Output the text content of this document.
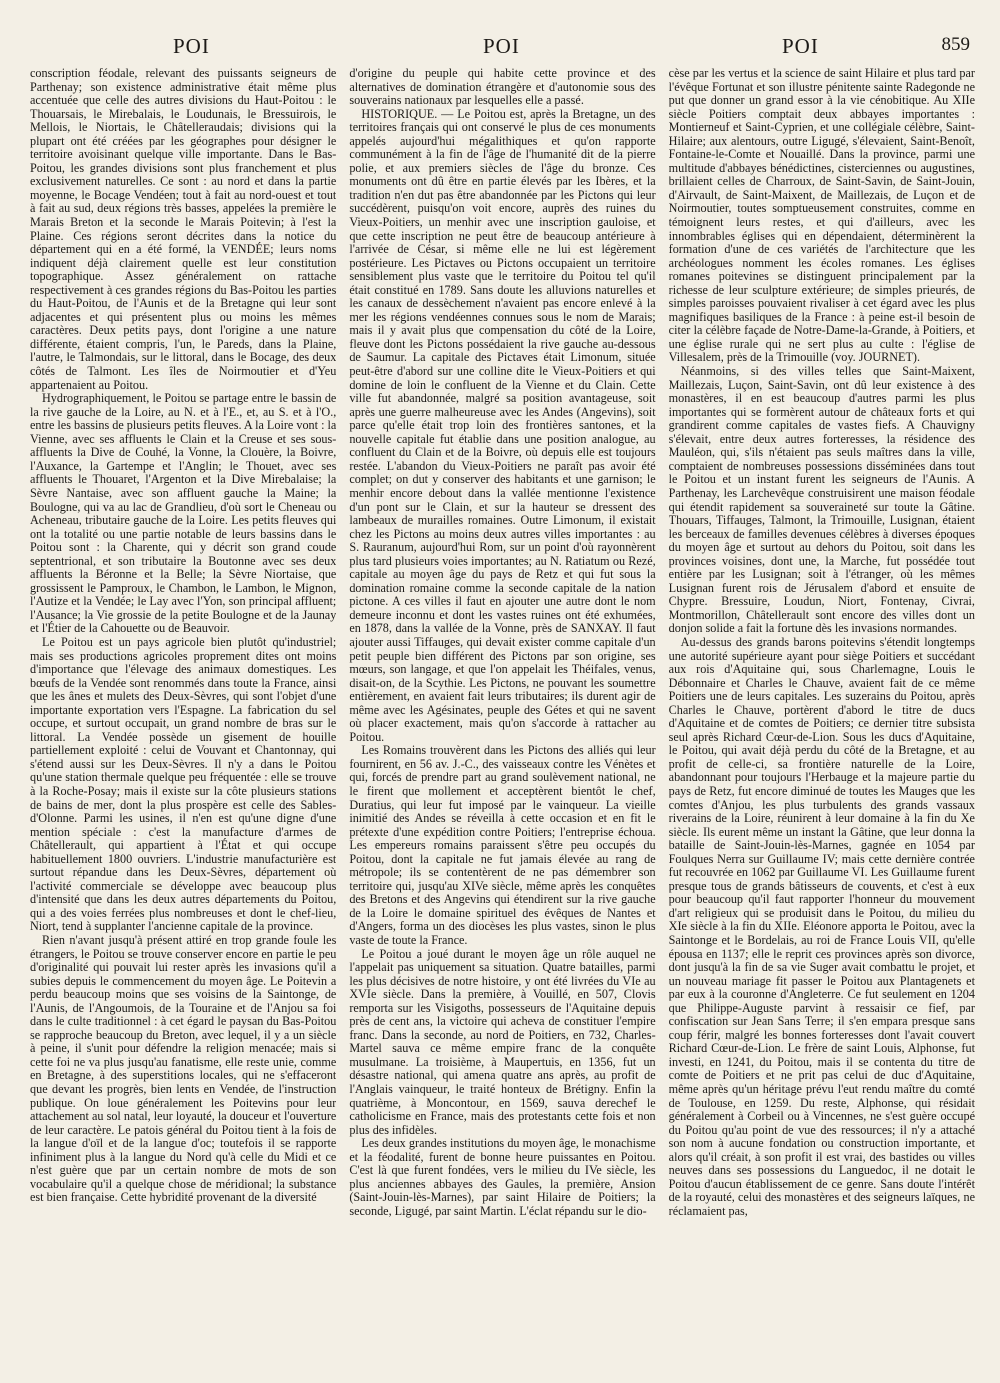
POI	POI	POI	859

conscription féodale, relevant des puissants seigneurs de Parthenay; son existence administrative était même plus accentuée que celle des autres divisions du Haut-Poitou : le Thouarsais, le Mirebalais, le Loudunais, le Bressuirois, le Mellois, le Niortais, le Châtelleraudais; divisions qui la plupart ont été créées par les géographes pour désigner le territoire avoisinant quelque ville importante. Dans le Bas-Poitou, les grandes divisions sont plus franchement et plus exclusivement naturelles. Ce sont : au nord et dans la partie moyenne, le Bocage Vendéen; tout à fait au nord-ouest et tout à fait au sud, deux régions très basses, appelées la première le Marais Breton et la seconde le Marais Poitevin; à l'est la Plaine. Ces régions seront décrites dans la notice du département qui en a été formé, la VENDÉE; leurs noms indiquent déjà clairement quelle est leur constitution topographique. Assez généralement on rattache respectivement à ces grandes régions du Bas-Poitou les parties du Haut-Poitou, de l'Aunis et de la Bretagne qui leur sont adjacentes et qui présentent plus ou moins les mêmes caractères. Deux petits pays, dont l'origine a une nature différente, étaient compris, l'un, le Pareds, dans la Plaine, l'autre, le Talmondais, sur le littoral, dans le Bocage, des deux côtés de Talmont. Les îles de Noirmoutier et d'Yeu appartenaient au Poitou.

Hydrographiquement, le Poitou se partage entre le bassin de la rive gauche de la Loire, au N. et à l'E., et, au S. et à l'O., entre les bassins de plusieurs petits fleuves. A la Loire vont : la Vienne, avec ses affluents le Clain et la Creuse et ses sous-affluents la Dive de Couhé, la Vonne, la Clouère, la Boivre, l'Auxance, la Gartempe et l'Anglin; le Thouet, avec ses affluents le Thouaret, l'Argenton et la Dive Mirebalaise; la Sèvre Nantaise, avec son affluent gauche la Maine; la Boulogne, qui va au lac de Grandlieu, d'où sort le Cheneau ou Acheneau, tributaire gauche de la Loire. Les petits fleuves qui ont la totalité ou une partie notable de leurs bassins dans le Poitou sont : la Charente, qui y décrit son grand coude septentrional, et son tributaire la Boutonne avec ses deux affluents la Béronne et la Belle; la Sèvre Niortaise, que grossissent le Pamproux, le Chambon, le Lambon, le Mignon, l'Autize et la Vendée; le Lay avec l'Yon, son principal affluent; l'Ausance; la Vie grossie de la petite Boulogne et de la Jaunay et l'Étier de la Cahouette ou de Beauvoir.

Le Poitou est un pays agricole bien plutôt qu'industriel; mais ses productions agricoles proprement dites ont moins d'importance que l'élevage des animaux domestiques. Les bœufs de la Vendée sont renommés dans toute la France, ainsi que les ânes et mulets des Deux-Sèvres, qui sont l'objet d'une importante exportation vers l'Espagne. La fabrication du sel occupe, et surtout occupait, un grand nombre de bras sur le littoral. La Vendée possède un gisement de houille partiellement exploité : celui de Vouvant et Chantonnay, qui s'étend aussi sur les Deux-Sèvres. Il n'y a dans le Poitou qu'une station thermale quelque peu fréquentée : elle se trouve à la Roche-Posay; mais il existe sur la côte plusieurs stations de bains de mer, dont la plus prospère est celle des Sables-d'Olonne. Parmi les usines, il n'en est qu'une digne d'une mention spéciale : c'est la manufacture d'armes de Châtellerault, qui appartient à l'État et qui occupe habituellement 1800 ouvriers. L'industrie manufacturière est surtout répandue dans les Deux-Sèvres, département où l'activité commerciale se développe avec beaucoup plus d'intensité que dans les deux autres départements du Poitou, qui a des voies ferrées plus nombreuses et dont le chef-lieu, Niort, tend à supplanter l'ancienne capitale de la province.

Rien n'avant jusqu'à présent attiré en trop grande foule les étrangers, le Poitou se trouve conserver encore en partie le peu d'originalité qui pouvait lui rester après les invasions qu'il a subies depuis le commencement du moyen âge. Le Poitevin a perdu beaucoup moins que ses voisins de la Saintonge, de l'Aunis, de l'Angoumois, de la Touraine et de l'Anjou sa foi dans le culte traditionnel : à cet égard le paysan du Bas-Poitou se rapproche beaucoup du Breton, avec lequel, il y a un siècle à peine, il s'unit pour défendre la religion menacée; mais si cette foi ne va plus jusqu'au fanatisme, elle reste unie, comme en Bretagne, à des superstitions locales, qui ne s'effaceront que devant les progrès, bien lents en Vendée, de l'instruction publique. On loue généralement les Poitevins pour leur attachement au sol natal, leur loyauté, la douceur et l'ouverture de leur caractère. Le patois général du Poitou tient à la fois de la langue d'oïl et de la langue d'oc; toutefois il se rapporte infiniment plus à la langue du Nord qu'à celle du Midi et ce n'est guère que par un certain nombre de mots de son vocabulaire qu'il a quelque chose de méridional; la substance est bien française. Cette hybridité provenant de la diversité

d'origine du peuple qui habite cette province et des alternatives de domination étrangère et d'autonomie sous des souverains nationaux par lesquelles elle a passé.

HISTORIQUE. — Le Poitou est, après la Bretagne, un des territoires français qui ont conservé le plus de ces monuments appelés aujourd'hui mégalithiques et qu'on rapporte communément à la fin de l'âge de l'humanité dit de la pierre polie, et aux premiers siècles de l'âge du bronze. Ces monuments ont dû être en partie élevés par les Ibères, et la tradition n'en dut pas être abandonnée par les Pictons qui leur succédèrent, puisqu'on voit encore, auprès des ruines du Vieux-Poitiers, un menhir avec une inscription gauloise, et que cette inscription ne peut être de beaucoup antérieure à l'arrivée de César, si même elle ne lui est légèrement postérieure. Les Pictaves ou Pictons occupaient un territoire sensiblement plus vaste que le territoire du Poitou tel qu'il était constitué en 1789. Sans doute les alluvions naturelles et les canaux de dessèchement n'avaient pas encore enlevé à la mer les régions vendéennes connues sous le nom de Marais; mais il y avait plus que compensation du côté de la Loire, fleuve dont les Pictons possédaient la rive gauche au-dessous de Saumur. La capitale des Pictaves était Limonum, située peut-être d'abord sur une colline dite le Vieux-Poitiers et qui domine de loin le confluent de la Vienne et du Clain. Cette ville fut abandonnée, malgré sa position avantageuse, soit après une guerre malheureuse avec les Andes (Angevins), soit parce qu'elle était trop loin des frontières santones, et la nouvelle capitale fut établie dans une position analogue, au confluent du Clain et de la Boivre, où depuis elle est toujours restée. L'abandon du Vieux-Poitiers ne paraît pas avoir été complet; on dut y conserver des habitants et une garnison; le menhir encore debout dans la vallée mentionne l'existence d'un pont sur le Clain, et sur la hauteur se dressent des lambeaux de murailles romaines. Outre Limonum, il existait chez les Pictons au moins deux autres villes importantes : au S. Rauranum, aujourd'hui Rom, sur un point d'où rayonnèrent plus tard plusieurs voies importantes; au N. Ratiatum ou Rezé, capitale au moyen âge du pays de Retz et qui fut sous la domination romaine comme la seconde capitale de la nation pictone. A ces villes il faut en ajouter une autre dont le nom demeure inconnu et dont les vastes ruines ont été exhumées, en 1878, dans la vallée de la Vonne, près de SANXAY. Il faut ajouter aussi Tiffauges, qui devait exister comme capitale d'un petit peuple bien différent des Pictons par son origine, ses mœurs, son langage, et que l'on appelait les Théifales, venus, disait-on, de la Scythie. Les Pictons, ne pouvant les soumettre entièrement, en avaient fait leurs tributaires; ils durent agir de même avec les Agésinates, peuple des Gétes et qui ne savent où placer exactement, mais qu'on s'accorde à rattacher au Poitou.

Les Romains trouvèrent dans les Pictons des alliés qui leur fournirent, en 56 av. J.-C., des vaisseaux contre les Vénètes et qui, forcés de prendre part au grand soulèvement national, ne le firent que mollement et acceptèrent bientôt le chef, Duratius, qui leur fut imposé par le vainqueur. La vieille inimitié des Andes se réveilla à cette occasion et en fit le prétexte d'une expédition contre Poitiers; l'entreprise échoua. Les empereurs romains paraissent s'être peu occupés du Poitou, dont la capitale ne fut jamais élevée au rang de métropole; ils se contentèrent de ne pas démembrer son territoire qui, jusqu'au XIVe siècle, même après les conquêtes des Bretons et des Angevins qui étendirent sur la rive gauche de la Loire le domaine spirituel des évêques de Nantes et d'Angers, forma un des diocèses les plus vastes, sinon le plus vaste de toute la France.

Le Poitou a joué durant le moyen âge un rôle auquel ne l'appelait pas uniquement sa situation. Quatre batailles, parmi les plus décisives de notre histoire, y ont été livrées du VIe au XVIe siècle. Dans la première, à Vouillé, en 507, Clovis remporta sur les Visigoths, possesseurs de l'Aquitaine depuis près de cent ans, la victoire qui acheva de constituer l'empire franc. Dans la seconde, au nord de Poitiers, en 732, Charles-Martel sauva ce même empire franc de la conquête musulmane. La troisième, à Maupertuis, en 1356, fut un désastre national, qui amena quatre ans après, au profit de l'Anglais vainqueur, le traité honteux de Brétigny. Enfin la quatrième, à Moncontour, en 1569, sauva derechef le catholicisme en France, mais des protestants cette fois et non plus des infidèles.

Les deux grandes institutions du moyen âge, le monachisme et la féodalité, furent de bonne heure puissantes en Poitou. C'est là que furent fondées, vers le milieu du IVe siècle, les plus anciennes abbayes des Gaules, la première, Ansion (Saint-Jouin-lès-Marnes), par saint Hilaire de Poitiers; la seconde, Ligugé, par saint Martin. L'éclat répandu sur le dio-

cèse par les vertus et la science de saint Hilaire et plus tard par l'évêque Fortunat et son illustre pénitente sainte Radegonde ne put que donner un grand essor à la vie cénobitique. Au XIIe siècle Poitiers comptait deux abbayes importantes : Montierneuf et Saint-Cyprien, et une collégiale célèbre, Saint-Hilaire; aux alentours, outre Ligugé, s'élevaient, Saint-Benoît, Fontaine-le-Comte et Nouaillé. Dans la province, parmi une multitude d'abbayes bénédictines, cisterciennes ou augustines, brillaient celles de Charroux, de Saint-Savin, de Saint-Jouin, d'Airvault, de Saint-Maixent, de Maillezais, de Luçon et de Noirmoutier, toutes somptueusement construites, comme en témoignent leurs restes, et qui d'ailleurs, avec les innombrables églises qui en dépendaient, déterminèrent la formation d'une de ces variétés de l'architecture que les archéologues nomment les écoles romanes. Les églises romanes poitevines se distinguent principalement par la richesse de leur sculpture extérieure; de simples prieurés, de simples paroisses pouvaient rivaliser à cet égard avec les plus magnifiques basiliques de la France : à peine est-il besoin de citer la célèbre façade de Notre-Dame-la-Grande, à Poitiers, et une église rurale qui ne sert plus au culte : l'église de Villesalem, près de la Trimouille (voy. JOURNET).

Néanmoins, si des villes telles que Saint-Maixent, Maillezais, Luçon, Saint-Savin, ont dû leur existence à des monastères, il en est beaucoup d'autres parmi les plus importantes qui se formèrent autour de châteaux forts et qui grandirent comme capitales de vastes fiefs. A Chauvigny s'élevait, entre deux autres forteresses, la résidence des Mauléon, qui, s'ils n'étaient pas seuls maîtres dans la ville, comptaient de nombreuses possessions disséminées dans tout le Poitou et un instant furent les seigneurs de l'Aunis. A Parthenay, les Larchevêque construisirent une maison féodale qui étendit rapidement sa souveraineté sur toute la Gâtine. Thouars, Tiffauges, Talmont, la Trimouille, Lusignan, étaient les berceaux de familles devenues célèbres à diverses époques du moyen âge et surtout au dehors du Poitou, soit dans les provinces voisines, dont une, la Marche, fut possédée tout entière par les Lusignan; soit à l'étranger, où les mêmes Lusignan furent rois de Jérusalem d'abord et ensuite de Chypre. Bressuire, Loudun, Niort, Fontenay, Civrai, Montmorillon, Châtellerault sont encore des villes dont un donjon solide a fait la fortune dès les invasions normandes.

Au-dessus des grands barons poitevins s'étendit longtemps une autorité supérieure ayant pour siège Poitiers et succédant aux rois d'Aquitaine qui, sous Charlemagne, Louis le Débonnaire et Charles le Chauve, avaient fait de ce même Poitiers une de leurs capitales. Les suzerains du Poitou, après Charles le Chauve, portèrent d'abord le titre de ducs d'Aquitaine et de comtes de Poitiers; ce dernier titre subsista seul après Richard Cœur-de-Lion. Sous les ducs d'Aquitaine, le Poitou, qui avait déjà perdu du côté de la Bretagne, et au profit de celle-ci, sa frontière naturelle de la Loire, abandonnant pour toujours l'Herbauge et la majeure partie du pays de Retz, fut encore diminué de toutes les Mauges que les comtes d'Anjou, les plus turbulents des grands vassaux riverains de la Loire, réunirent à leur domaine à la fin du Xe siècle. Ils eurent même un instant la Gâtine, que leur donna la bataille de Saint-Jouin-lès-Marnes, gagnée en 1054 par Foulques Nerra sur Guillaume IV; mais cette dernière contrée fut recouvrée en 1062 par Guillaume VI. Les Guillaume furent presque tous de grands bâtisseurs de couvents, et c'est à eux pour beaucoup qu'il faut rapporter l'honneur du mouvement d'art religieux qui se produisit dans le Poitou, du milieu du XIe siècle à la fin du XIIe. Eléonore apporta le Poitou, avec la Saintonge et le Bordelais, au roi de France Louis VII, qu'elle épousa en 1137; elle le reprit ces provinces après son divorce, dont jusqu'à la fin de sa vie Suger avait combattu le projet, et un nouveau mariage fit passer le Poitou aux Plantagenets et par eux à la couronne d'Angleterre. Ce fut seulement en 1204 que Philippe-Auguste parvint à ressaisir ce fief, par confiscation sur Jean Sans Terre; il s'en empara presque sans coup férir, malgré les bonnes forteresses dont l'avait couvert Richard Cœur-de-Lion. Le frère de saint Louis, Alphonse, fut investi, en 1241, du Poitou, mais il se contenta du titre de comte de Poitiers et ne prit pas celui de duc d'Aquitaine, même après qu'un héritage prévu l'eut rendu maître du comté de Toulouse, en 1259. Du reste, Alphonse, qui résidait généralement à Corbeil ou à Vincennes, ne s'est guère occupé du Poitou qu'au point de vue des ressources; il n'y a attaché son nom à aucune fondation ou construction importante, et alors qu'il créait, à son profit il est vrai, des bastides ou villes neuves dans ses possessions du Languedoc, il ne dotait le Poitou d'aucun établissement de ce genre. Sans doute l'intérêt de la royauté, celui des monastères et des seigneurs laïques, ne réclamaient pas,
